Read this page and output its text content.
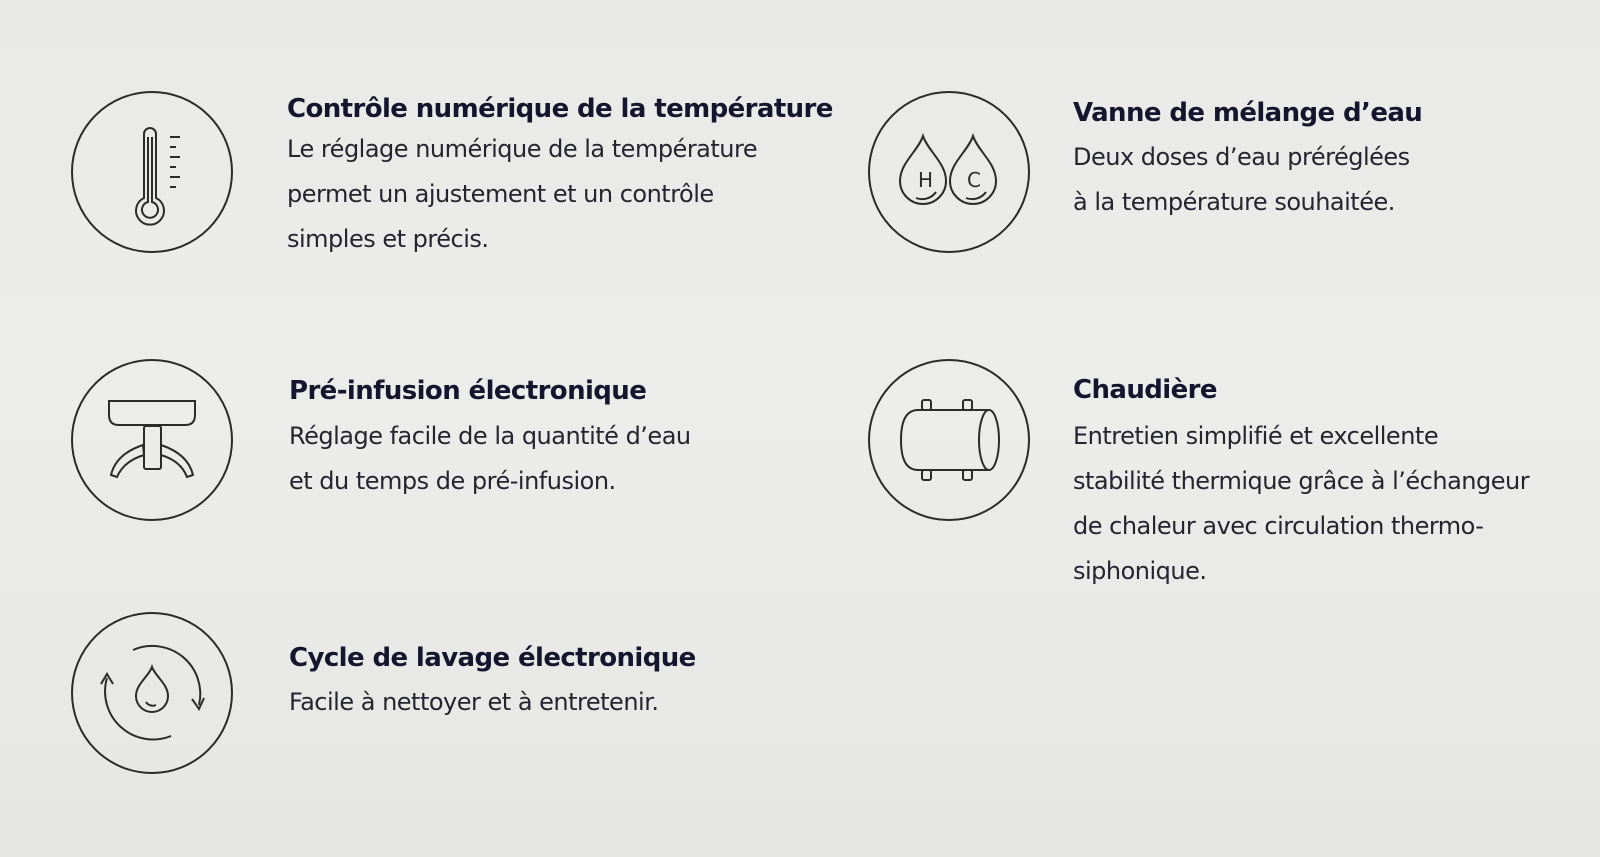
Contrôle numérique de la température

Le réglage numérique de la température
permet un ajustement et un contrôle
simples et précis.

H C
Vanne de mélange d’eau

Deux doses d’eau préréglées
à la température souhaitée.

Pré-infusion électronique

Réglage facile de la quantité d’eau
et du temps de pré-infusion.

Chaudière

Entretien simplifié et excellente
stabilité thermique grâce à l’échangeur
de chaleur avec circulation thermo-
siphonique.

Cycle de lavage électronique

Facile à nettoyer et à entretenir.
